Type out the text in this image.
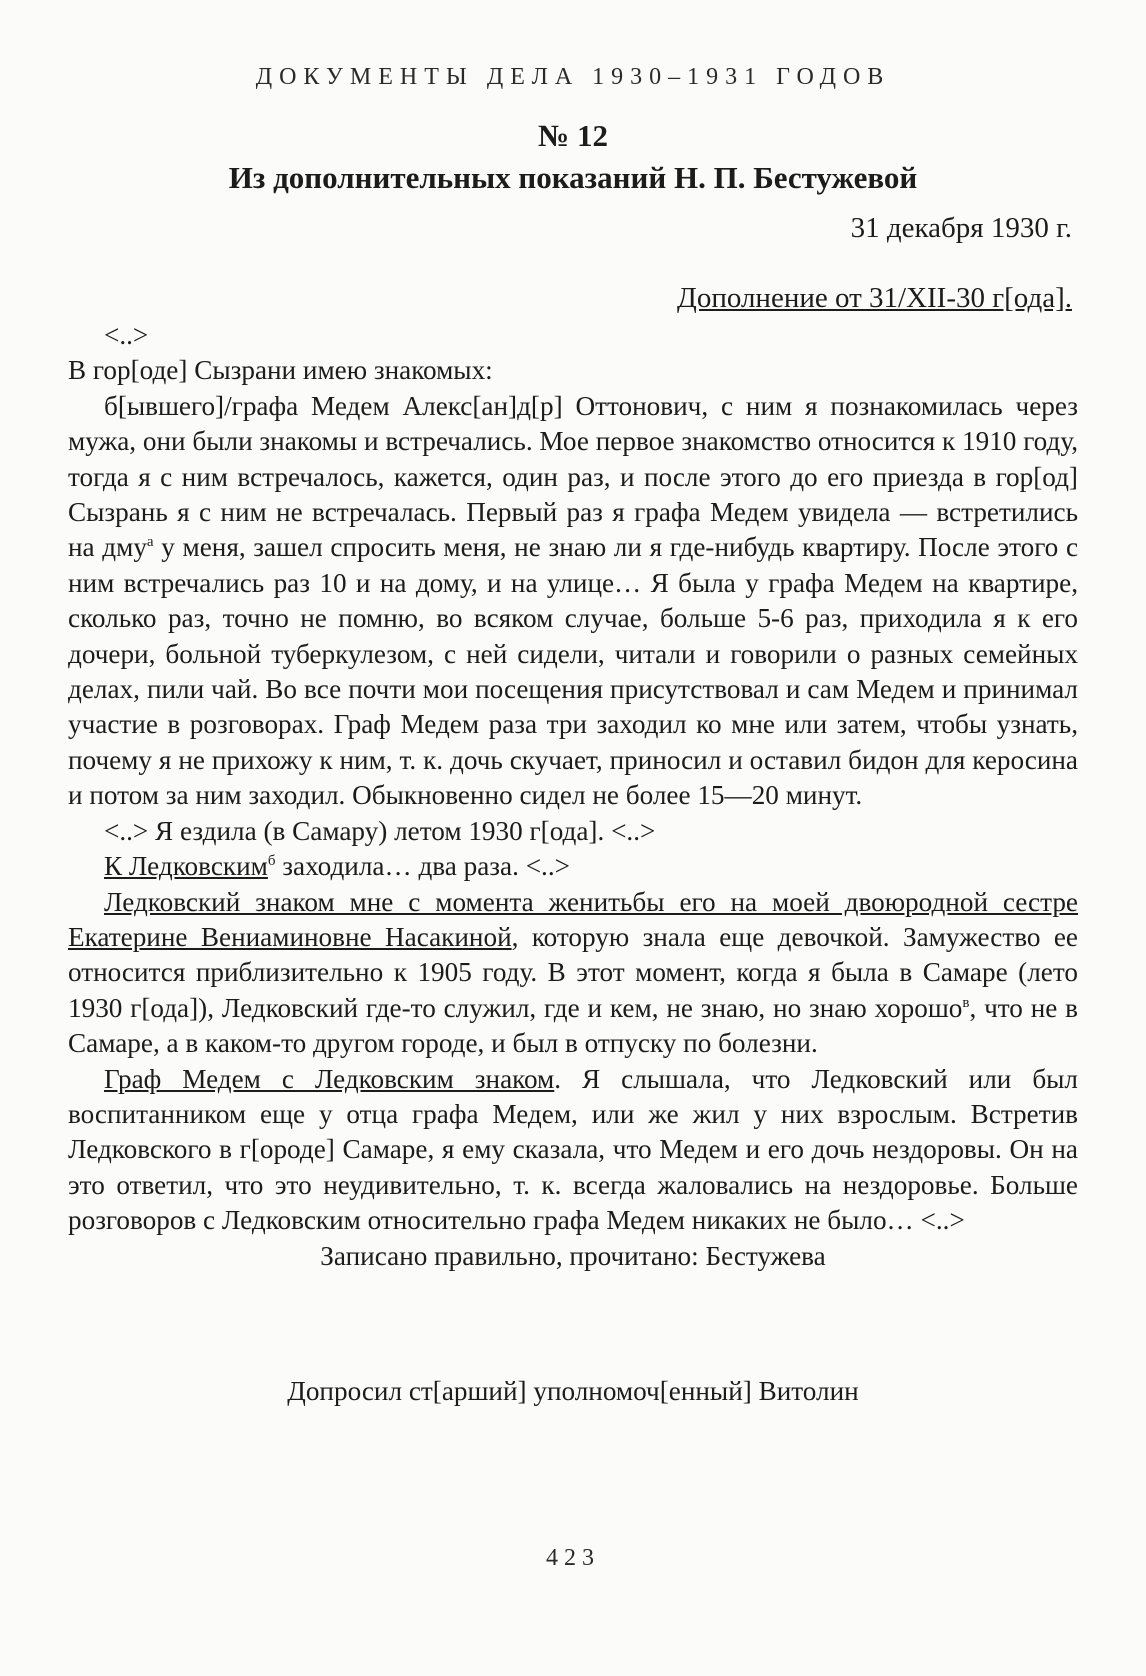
ДОКУМЕНТЫ ДЕЛА 1930–1931 ГОДОВ
№ 12
Из дополнительных показаний Н. П. Бестужевой
31 декабря 1930 г.
Дополнение от 31/XII-30 г[ода].

<..>

В гор[оде] Сызрани имею знакомых:

б[ывшего]/графа Медем Алекс[ан]д[р] Оттонович, с ним я познакомилась через мужа, они были знакомы и встречались. Мое первое знакомство относится к 1910 году, тогда я с ним встречалось, кажется, один раз, и после этого до его приезда в гор[од] Сызрань я с ним не встречалась. Первый раз я графа Медем увидела — встретились на дму$^а$ у меня, зашел спросить меня, не знаю ли я где-нибудь квартиру. После этого с ним встречались раз 10 и на дому, и на улице… Я была у графа Медем на квартире, сколько раз, точно не помню, во всяком случае, больше 5-6 раз, приходила я к его дочери, больной туберкулезом, с ней сидели, читали и говорили о разных семейных делах, пили чай. Во все почти мои посещения присутствовал и сам Медем и принимал участие в розговорах. Граф Медем раза три заходил ко мне или затем, чтобы узнать, почему я не прихожу к ним, т. к. дочь скучает, приносил и оставил бидон для керосина и потом за ним заходил. Обыкновенно сидел не более 15—20 минут.

<..> Я ездила (в Самару) летом 1930 г[ода]. <..>

К Ледковским$^б$ заходила… два раза. <..>

Ледковский знаком мне с момента женитьбы его на моей двоюродной сестре Екатерине Вениаминовне Насакиной, которую знала еще девочкой. Замужество ее относится приблизительно к 1905 году. В этот момент, когда я была в Самаре (лето 1930 г[ода]), Ледковский где-то служил, где и кем, не знаю, но знаю хорошо$^в$, что не в Самаре, а в каком-то другом городе, и был в отпуску по болезни.

Граф Медем с Ледковским знаком. Я слышала, что Ледковский или был воспитанником еще у отца графа Медем, или же жил у них взрослым. Встретив Ледковского в г[ороде] Самаре, я ему сказала, что Медем и его дочь нездоровы. Он на это ответил, что это неудивительно, т. к. всегда жаловались на нездоровье. Больше розговоров с Ледковским относительно графа Медем никаких не было… <..>

Записано правильно, прочитано: Бестужева

Допросил ст[арший] уполномоч[енный] Витолин
423
